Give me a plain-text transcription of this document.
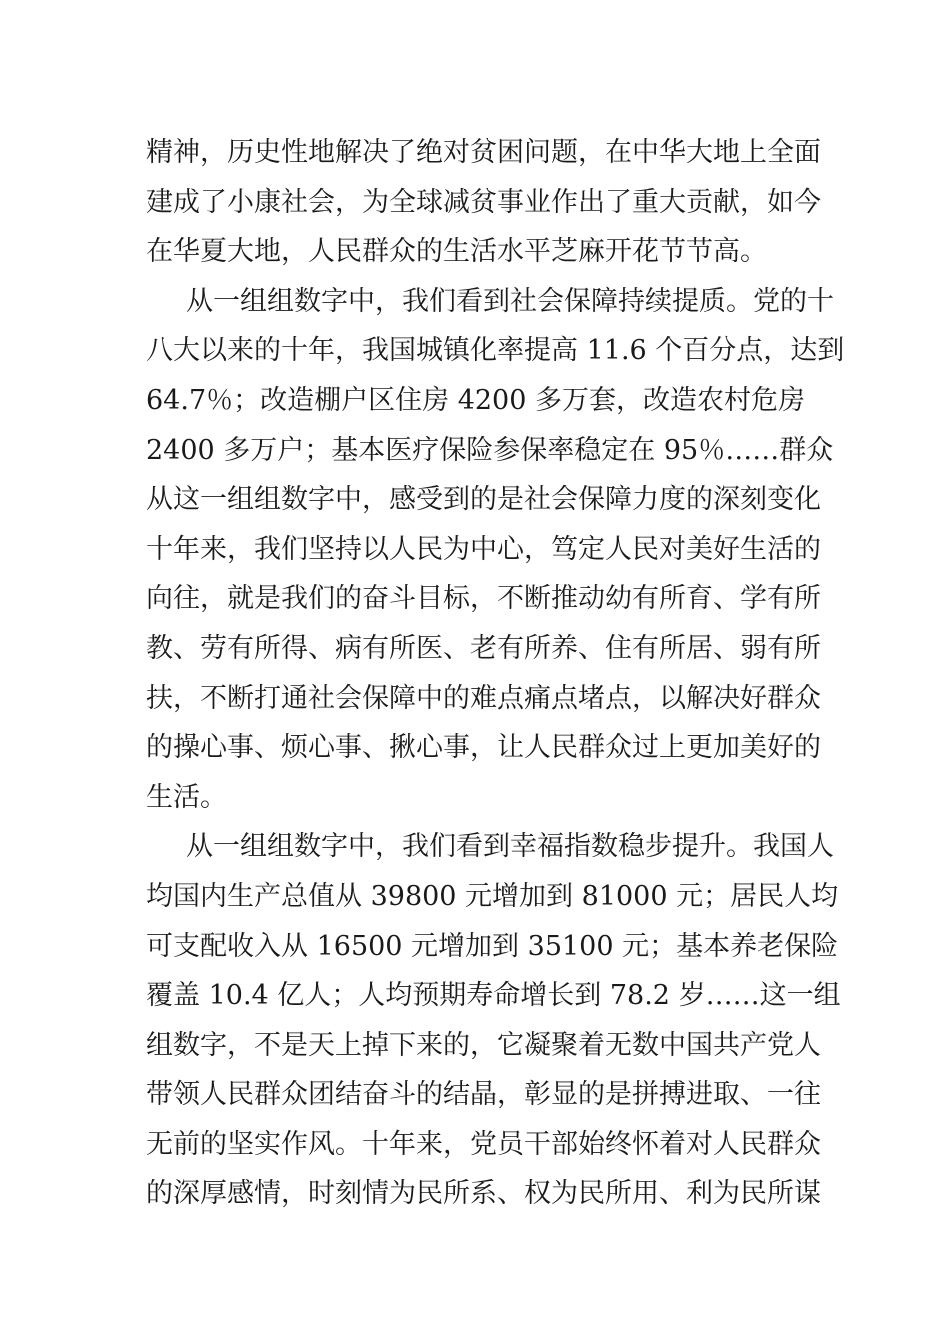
精神，历史性地解决了绝对贫困问题，在中华大地上全面
建成了小康社会，为全球减贫事业作出了重大贡献，如今
在华夏大地，人民群众的生活水平芝麻开花节节高。
从一组组数字中，我们看到社会保障持续提质。党的十
八大以来的十年，我国城镇化率提高 11.6 个百分点，达到
64.7％；改造棚户区住房 4200 多万套，改造农村危房
2400 多万户；基本医疗保险参保率稳定在 95％……群众
从这一组组数字中，感受到的是社会保障力度的深刻变化
十年来，我们坚持以人民为中心，笃定人民对美好生活的
向往，就是我们的奋斗目标，不断推动幼有所育、学有所
教、劳有所得、病有所医、老有所养、住有所居、弱有所
扶，不断打通社会保障中的难点痛点堵点，以解决好群众
的操心事、烦心事、揪心事，让人民群众过上更加美好的
生活。
从一组组数字中，我们看到幸福指数稳步提升。我国人
均国内生产总值从 39800 元增加到 81000 元；居民人均
可支配收入从 16500 元增加到 35100 元；基本养老保险
覆盖 10.4 亿人；人均预期寿命增长到 78.2 岁……这一组
组数字，不是天上掉下来的，它凝聚着无数中国共产党人
带领人民群众团结奋斗的结晶，彰显的是拼搏进取、一往
无前的坚实作风。十年来，党员干部始终怀着对人民群众
的深厚感情，时刻情为民所系、权为民所用、利为民所谋
